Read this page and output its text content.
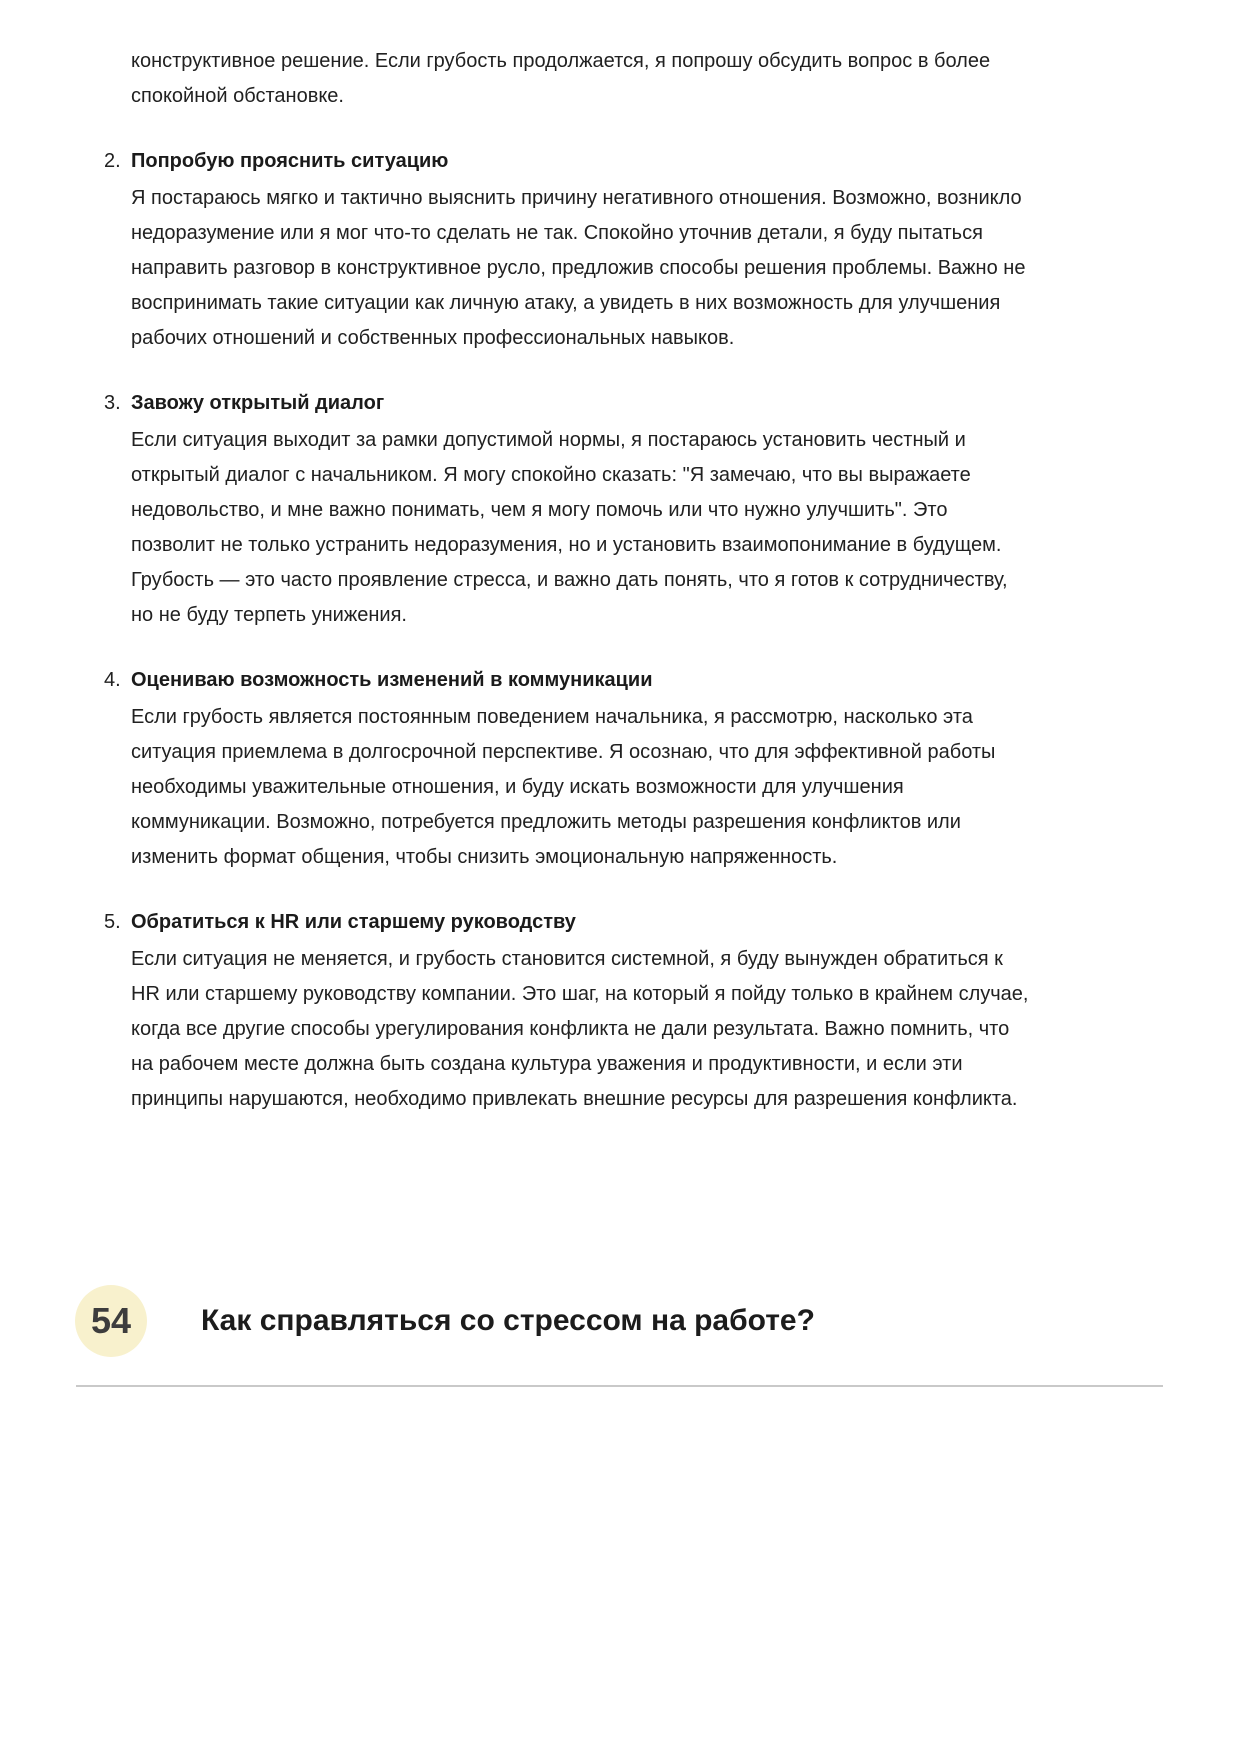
конструктивное решение. Если грубость продолжается, я попрошу обсудить вопрос в более спокойной обстановке.

2. Попробую прояснить ситуацию

Я постараюсь мягко и тактично выяснить причину негативного отношения. Возможно, возникло недоразумение или я мог что-то сделать не так. Спокойно уточнив детали, я буду пытаться направить разговор в конструктивное русло, предложив способы решения проблемы. Важно не воспринимать такие ситуации как личную атаку, а увидеть в них возможность для улучшения рабочих отношений и собственных профессиональных навыков.

3. Завожу открытый диалог

Если ситуация выходит за рамки допустимой нормы, я постараюсь установить честный и открытый диалог с начальником. Я могу спокойно сказать: "Я замечаю, что вы выражаете недовольство, и мне важно понимать, чем я могу помочь или что нужно улучшить". Это позволит не только устранить недоразумения, но и установить взаимопонимание в будущем. Грубость — это часто проявление стресса, и важно дать понять, что я готов к сотрудничеству, но не буду терпеть унижения.

4. Оцениваю возможность изменений в коммуникации

Если грубость является постоянным поведением начальника, я рассмотрю, насколько эта ситуация приемлема в долгосрочной перспективе. Я осознаю, что для эффективной работы необходимы уважительные отношения, и буду искать возможности для улучшения коммуникации. Возможно, потребуется предложить методы разрешения конфликтов или изменить формат общения, чтобы снизить эмоциональную напряженность.

5. Обратиться к HR или старшему руководству

Если ситуация не меняется, и грубость становится системной, я буду вынужден обратиться к HR или старшему руководству компании. Это шаг, на который я пойду только в крайнем случае, когда все другие способы урегулирования конфликта не дали результата. Важно помнить, что на рабочем месте должна быть создана культура уважения и продуктивности, и если эти принципы нарушаются, необходимо привлекать внешние ресурсы для разрешения конфликта.

54 Как справляться со стрессом на работе?
